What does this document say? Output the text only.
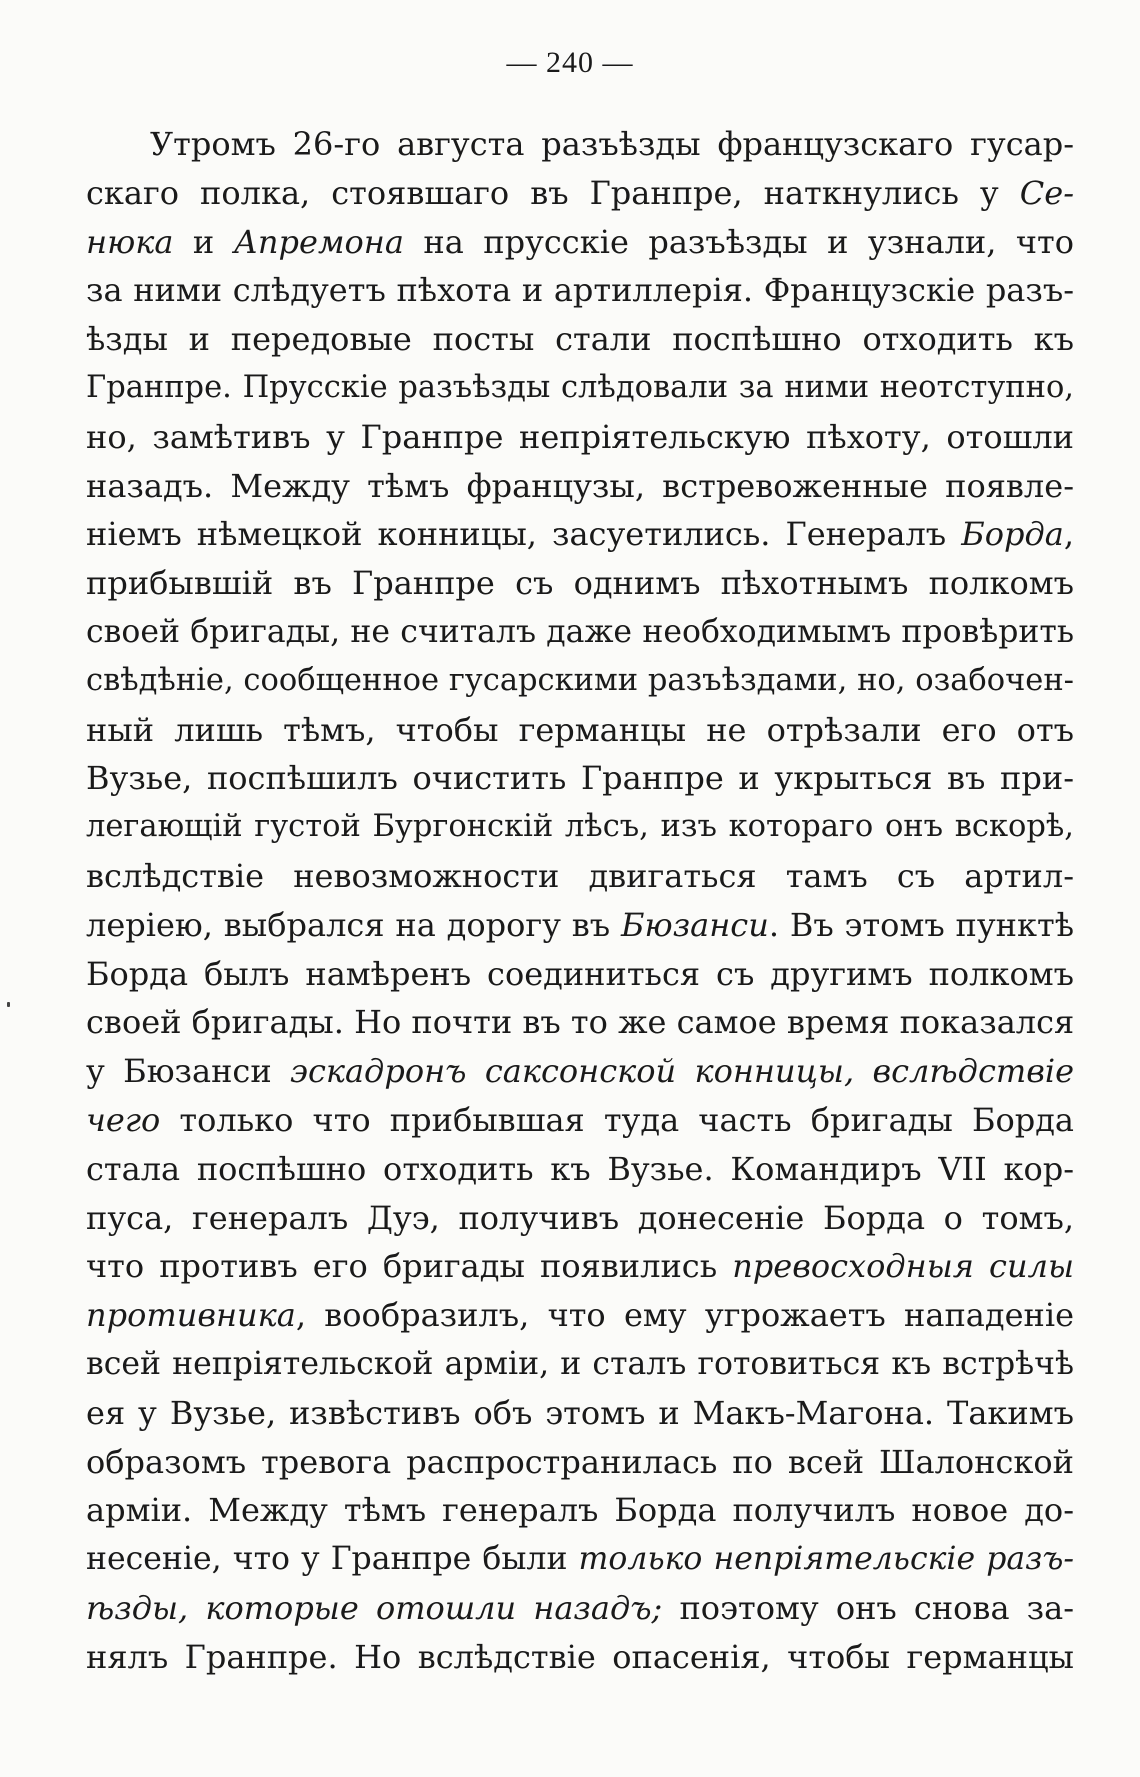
— 240 —
Утромъ 26-го августа разъѣзды французскаго гусар-
скаго полка, стоявшаго въ Гранпре, наткнулись у Се-
нюка и Апремона на прусскіе разъѣзды и узнали, что
за ними слѣдуетъ пѣхота и артиллерія. Французскіе разъ-
ѣзды и передовые посты стали поспѣшно отходить къ
Гранпре. Прусскіе разъѣзды слѣдовали за ними неотступно,
но, замѣтивъ у Гранпре непріятельскую пѣхоту, отошли
назадъ. Между тѣмъ французы, встревоженные появле-
ніемъ нѣмецкой конницы, засуетились. Генералъ Борда,
прибывшій въ Гранпре съ однимъ пѣхотнымъ полкомъ
своей бригады, не считалъ даже необходимымъ провѣрить
свѣдѣніе, сообщенное гусарскими разъѣздами, но, озабочен-
ный лишь тѣмъ, чтобы германцы не отрѣзали его отъ
Вузье, поспѣшилъ очистить Гранпре и укрыться въ при-
легающій густой Бургонскій лѣсъ, изъ котораго онъ вскорѣ,
вслѣдствіе невозможности двигаться тамъ съ артил-
леріею, выбрался на дорогу въ Бюзанси. Въ этомъ пунктѣ
Борда былъ намѣренъ соединиться съ другимъ полкомъ
своей бригады. Но почти въ то же самое время показался
у Бюзанси эскадронъ саксонской конницы, вслѣдствіе
чего только что прибывшая туда часть бригады Борда
стала поспѣшно отходить къ Вузье. Командиръ VII кор-
пуса, генералъ Дуэ, получивъ донесеніе Борда о томъ,
что противъ его бригады появились превосходныя силы
противника, вообразилъ, что ему угрожаетъ нападеніе
всей непріятельской арміи, и сталъ готовиться къ встрѣчѣ
ея у Вузье, извѣстивъ объ этомъ и Макъ-Магона. Такимъ
образомъ тревога распространилась по всей Шалонской
арміи. Между тѣмъ генералъ Борда получилъ новое до-
несеніе, что у Гранпре были только непріятельскіе разъ-
ѣзды, которые отошли назадъ; поэтому онъ снова за-
нялъ Гранпре. Но вслѣдствіе опасенія, чтобы германцы
